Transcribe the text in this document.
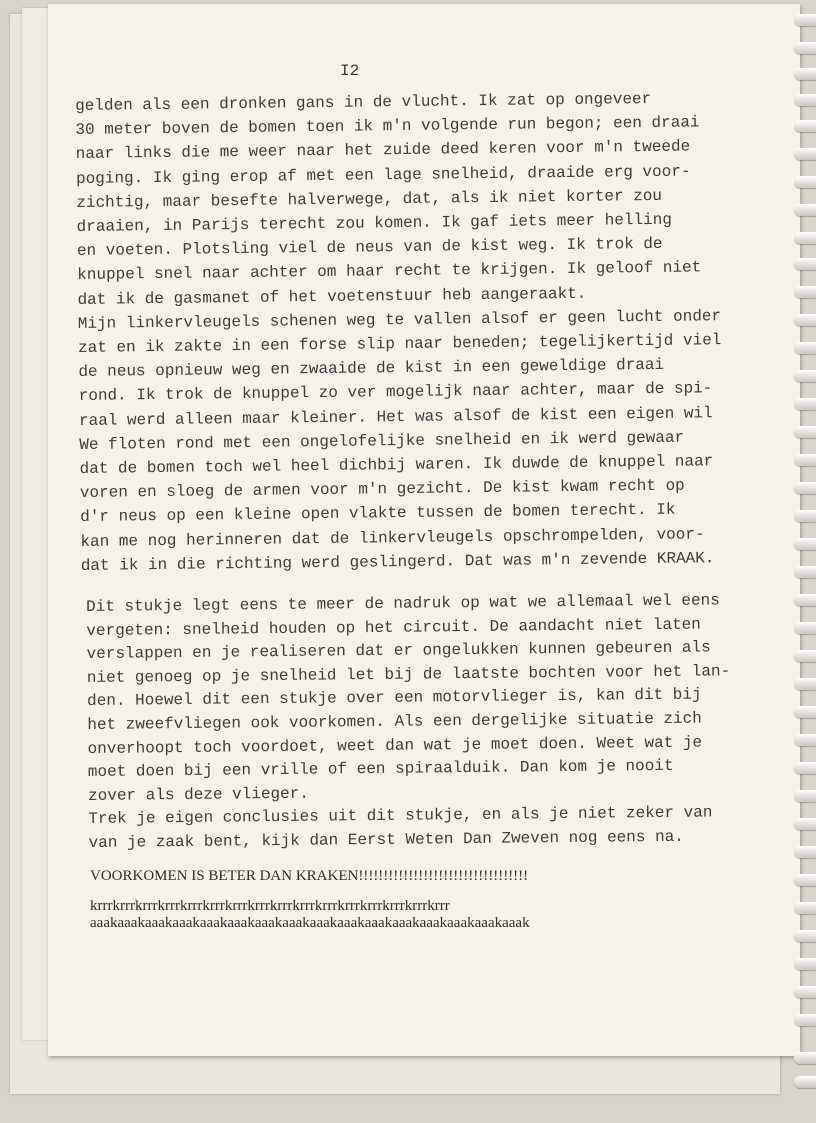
I2

gelden als een dronken gans in de vlucht. Ik zat op ongeveer
30 meter boven de bomen toen ik m'n volgende run begon; een draai
naar links die me weer naar het zuide deed keren voor m'n tweede
poging. Ik ging erop af met een lage snelheid, draaide erg voor-
zichtig, maar besefte halverwege, dat, als ik niet korter zou
draaien, in Parijs terecht zou komen. Ik gaf iets meer helling
en voeten. Plotsling viel de neus van de kist weg. Ik trok de
knuppel snel naar achter om haar recht te krijgen. Ik geloof niet
dat ik de gasmanet of het voetenstuur heb aangeraakt.
Mijn linkervleugels schenen weg te vallen alsof er geen lucht onder
zat en ik zakte in een forse slip naar beneden; tegelijkertijd viel
de neus opnieuw weg en zwaaide de kist in een geweldige draai
rond. Ik trok de knuppel zo ver mogelijk naar achter, maar de spi-
raal werd alleen maar kleiner. Het was alsof de kist een eigen wil
We floten rond met een ongelofelijke snelheid en ik werd gewaar
dat de bomen toch wel heel dichbij waren. Ik duwde de knuppel naar
voren en sloeg de armen voor m'n gezicht. De kist kwam recht op
d'r neus op een kleine open vlakte tussen de bomen terecht. Ik
kan me nog herinneren dat de linkervleugels opschrompelden, voor-
dat ik in die richting werd geslingerd. Dat was m'n zevende KRAAK.
Dit stukje legt eens te meer de nadruk op wat we allemaal wel eens
vergeten: snelheid houden op het circuit. De aandacht niet laten
verslappen en je realiseren dat er ongelukken kunnen gebeuren als
niet genoeg op je snelheid let bij de laatste bochten voor het lan-
den. Hoewel dit een stukje over een motorvlieger is, kan dit bij
het zweefvliegen ook voorkomen. Als een dergelijke situatie zich
onverhoopt toch voordoet, weet dan wat je moet doen. Weet wat je
moet doen bij een vrille of een spiraalduik. Dan kom je nooit
zover als deze vlieger.
Trek je eigen conclusies uit dit stukje, en als je niet zeker van
van je zaak bent, kijk dan Eerst Weten Dan Zweven nog eens na.

VOORKOMEN IS BETER DAN KRAKEN!!!!!!!!!!!!!!!!!!!!!!!!!!!!!!!!!!

krrrkrrrkrrrkrrrkrrrkrrrkrrrkrrrkrrrkrrrkrrrkrrrkrrrkrrrkrrrkrrr
aaakaaakaaakaaakaaakaaakaaakaaakaaakaaakaaakaaakaaakaaakaaakaaak
